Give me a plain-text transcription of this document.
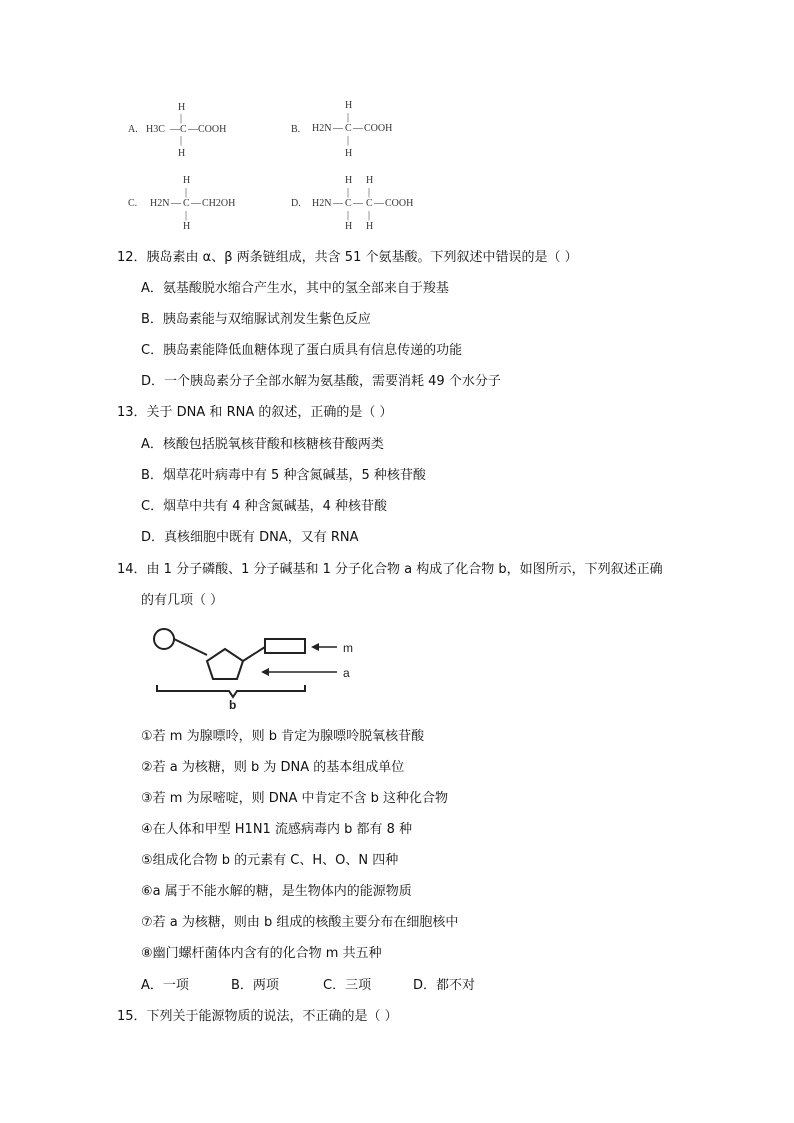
A.
H
|
H3C — C — COOH
|
H
B.
H
|
H2N — C — COOH
|
H
C.
H
|
H2N — C — CH2OH
|
H
D.
H H
| |
H2N — C — C — COOH
| |
H H
12．胰岛素由 α、β 两条链组成，共含 51 个氨基酸。下列叙述中错误的是（ ）
A．氨基酸脱水缩合产生水，其中的氢全部来自于羧基
B．胰岛素能与双缩脲试剂发生紫色反应
C．胰岛素能降低血糖体现了蛋白质具有信息传递的功能
D．一个胰岛素分子全部水解为氨基酸，需要消耗 49 个水分子
13．关于 DNA 和 RNA 的叙述，正确的是（ ）
A．核酸包括脱氧核苷酸和核糖核苷酸两类
B．烟草花叶病毒中有 5 种含氮碱基，5 种核苷酸
C．烟草中共有 4 种含氮碱基，4 种核苷酸
D．真核细胞中既有 DNA，又有 RNA
14．由 1 分子磷酸、1 分子碱基和 1 分子化合物 a 构成了化合物 b，如图所示，下列叙述正确
的有几项（ ）
m
a
b
①若 m 为腺嘌呤，则 b 肯定为腺嘌呤脱氧核苷酸
②若 a 为核糖，则 b 为 DNA 的基本组成单位
③若 m 为尿嘧啶，则 DNA 中肯定不含 b 这种化合物
④在人体和甲型 H1N1 流感病毒内 b 都有 8 种
⑤组成化合物 b 的元素有 C、H、O、N 四种
⑥a 属于不能水解的糖，是生物体内的能源物质
⑦若 a 为核糖，则由 b 组成的核酸主要分布在细胞核中
⑧幽门螺杆菌体内含有的化合物 m 共五种
A．一项	B．两项	C．三项	D．都不对
15．下列关于能源物质的说法，不正确的是（ ）
